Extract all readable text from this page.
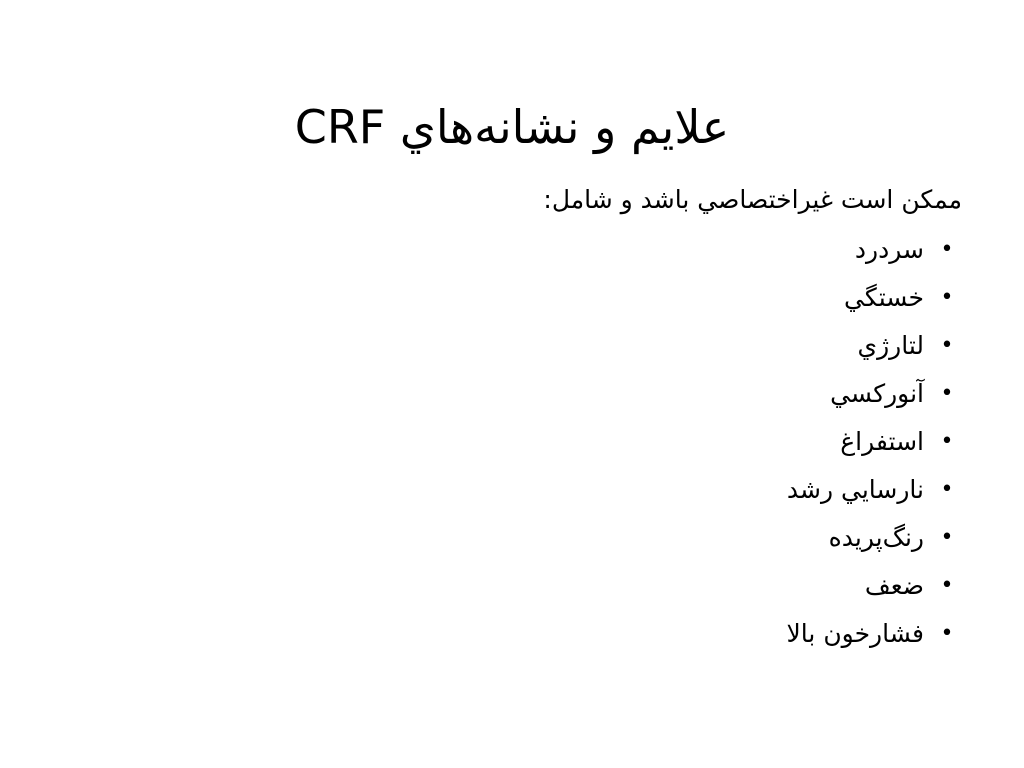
علايم و نشانه‌هاي CRF

ممکن است غيراختصاصي باشد و شامل:

•
سردرد
•
خستگي
•
لتارژي
•
آنورکسي
•
استفراغ
•
نارسايي رشد
•
رنگ‌پريده
•
ضعف
•
فشارخون بالا
